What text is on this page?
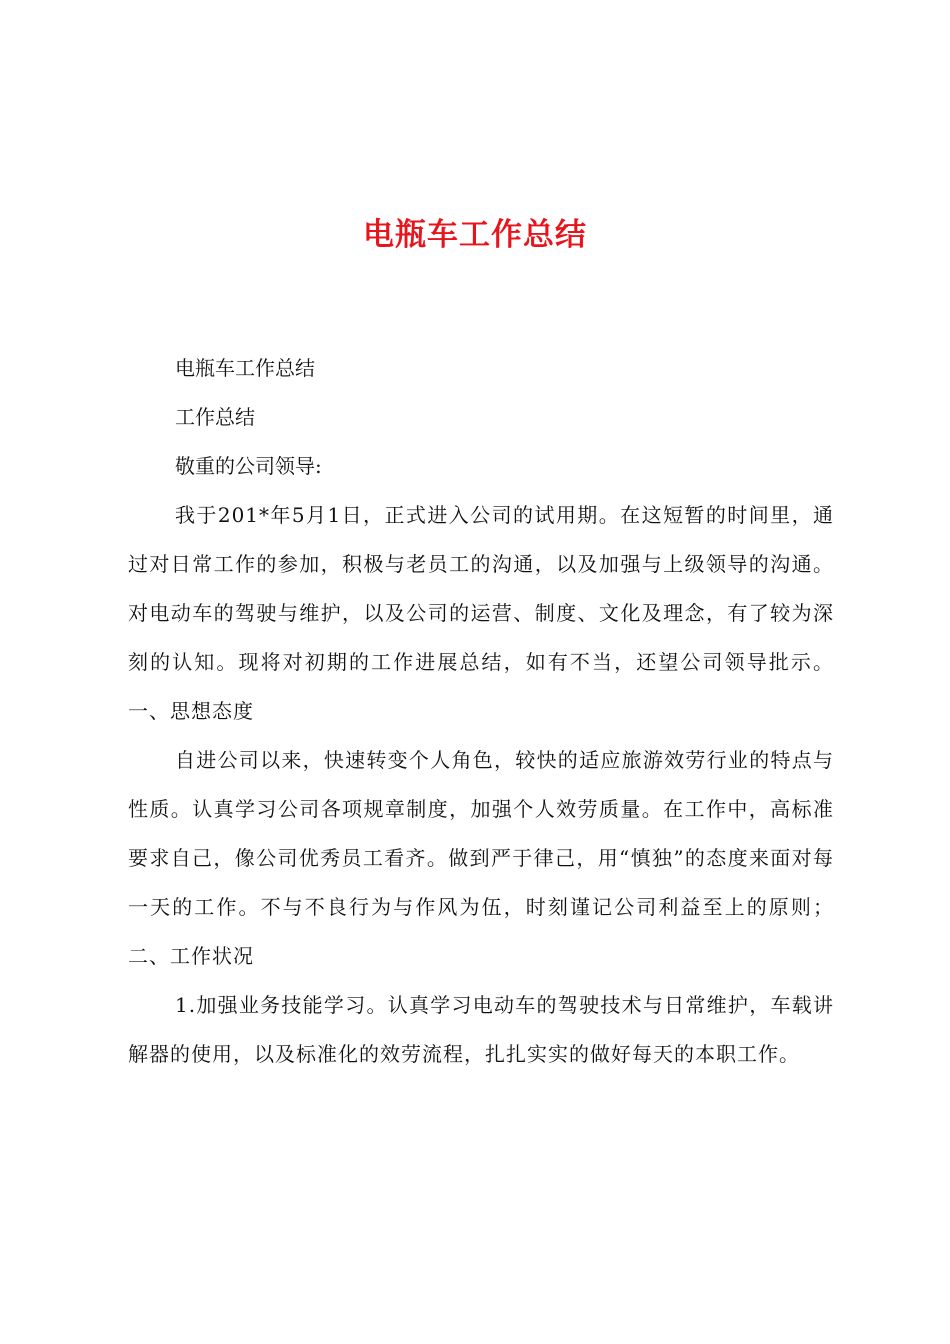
电瓶车工作总结

电瓶车工作总结

工作总结

敬重的公司领导:

我于201*年5月1日，正式进入公司的试用期。在这短暂的时间里，通过对日常工作的参加，积极与老员工的沟通，以及加强与上级领导的沟通。对电动车的驾驶与维护，以及公司的运营、制度、文化及理念，有了较为深刻的认知。现将对初期的工作进展总结，如有不当，还望公司领导批示。一、思想态度

自进公司以来，快速转变个人角色，较快的适应旅游效劳行业的特点与性质。认真学习公司各项规章制度，加强个人效劳质量。在工作中，高标准要求自己，像公司优秀员工看齐。做到严于律己，用“慎独”的态度来面对每一天的工作。不与不良行为与作风为伍，时刻谨记公司利益至上的原则；二、工作状况

1.加强业务技能学习。认真学习电动车的驾驶技术与日常维护，车载讲解器的使用，以及标准化的效劳流程，扎扎实实的做好每天的本职工作。
